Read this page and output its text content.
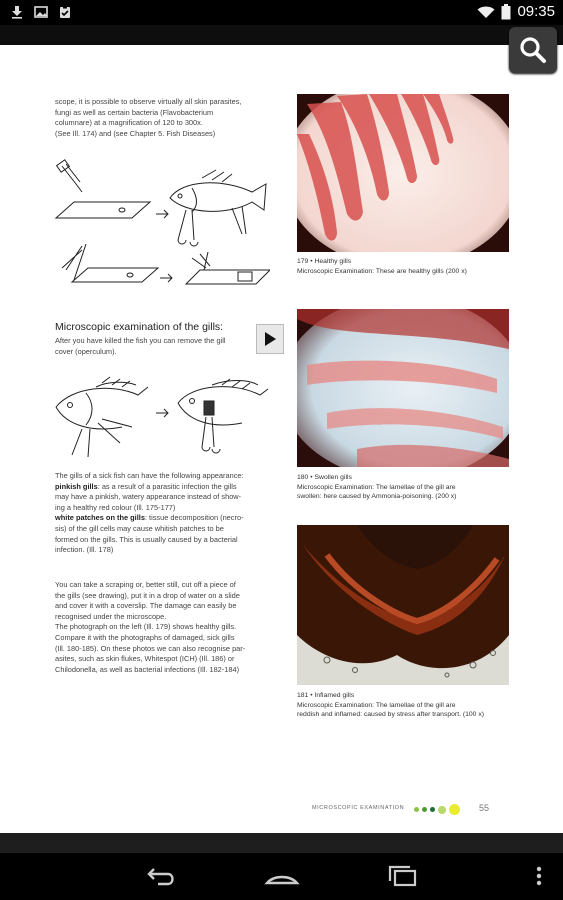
09:35
scope, it is possible to observe virtually all skin parasites,
fungi as well as certain bacteria (Flavobacterium
columnare) at a magnification of 120 to 300x.
(See Ill. 174) and (see Chapter 5. Fish Diseases)
Microscopic examination of the gills:
After you have killed the fish you can remove the gill
cover (operculum).
The gills of a sick fish can have the following appearance:
pinkish gills: as a result of a parasitic infection the gills
may have a pinkish, watery appearance instead of show-
ing a healthy red colour (Ill. 175-177)
white patches on the gills: tissue decomposition (necro-
sis) of the gill cells may cause whitish patches to be
formed on the gills. This is usually caused by a bacterial
infection. (Ill. 178)
You can take a scraping or, better still, cut off a piece of
the gills (see drawing), put it in a drop of water on a slide
and cover it with a coverslip. The damage can easily be
recognised under the microscope.
The photograph on the left (Ill. 179) shows healthy gills.
Compare it with the photographs of damaged, sick gills
(Ill. 180-185). On these photos we can also recognise par-
asites, such as skin flukes, Whitespot (ICH) (Ill. 186) or
Chilodonella, as well as bacterial infections (Ill. 182-184)
179 • Healthy gills
Microscopic Examination: These are healthy gills (200 x)
180 • Swollen gills
Microscopic Examination: The lamellae of the gill are
swollen: here caused by Ammonia-poisoning. (200 x)
181 • Inflamed gills
Microscopic Examination: The lamellae of the gill are
reddish and inflamed: caused by stress after transport. (100 x)
MICROSCOPIC EXAMINATION	55
